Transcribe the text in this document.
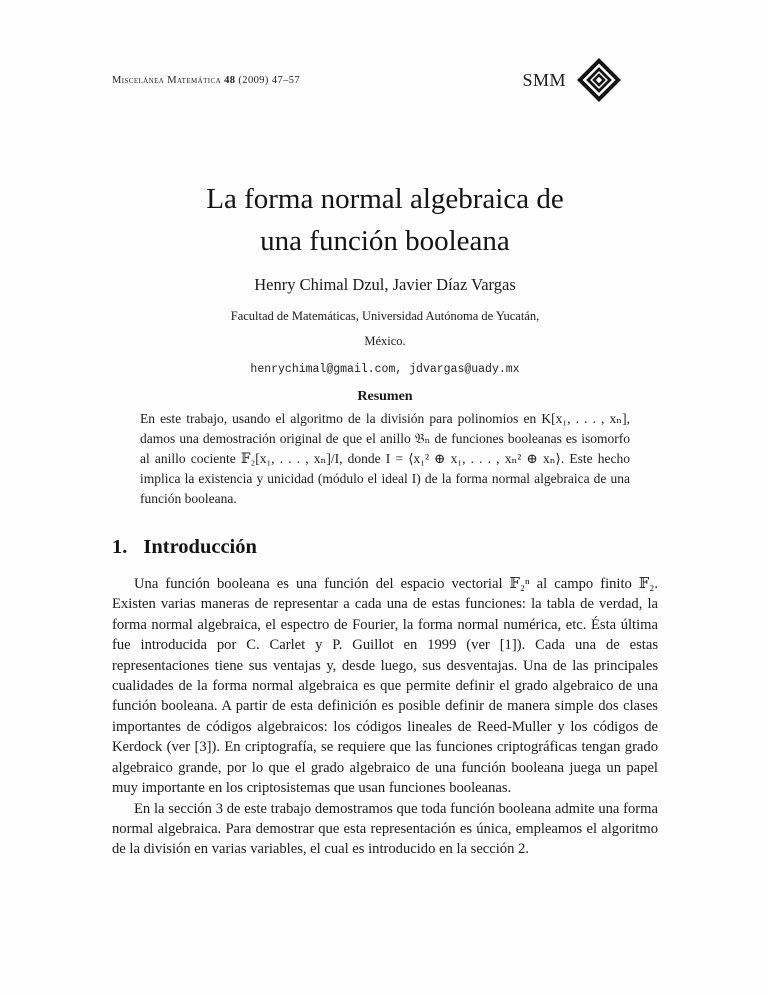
Miscelánea Matemática 48 (2009) 47–57	SMM
La forma normal algebraica de
una función booleana
Henry Chimal Dzul, Javier Díaz Vargas
Facultad de Matemáticas, Universidad Autónoma de Yucatán,
México.
henrychimal@gmail.com, jdvargas@uady.mx
Resumen

En este trabajo, usando el algoritmo de la división para polinomios en K[x₁, . . . , xₙ], damos una demostración original de que el anillo 𝔅ₙ de funciones booleanas es isomorfo al anillo cociente 𝔽₂[x₁, . . . , xₙ]/I, donde I = ⟨x₁² ⊕ x₁, . . . , xₙ² ⊕ xₙ⟩. Este hecho implica la existencia y unicidad (módulo el ideal I) de la forma normal algebraica de una función booleana.

1. Introducción

Una función booleana es una función del espacio vectorial 𝔽₂ⁿ al campo finito 𝔽₂. Existen varias maneras de representar a cada una de estas funciones: la tabla de verdad, la forma normal algebraica, el espectro de Fourier, la forma normal numérica, etc. Ésta última fue introducida por C. Carlet y P. Guillot en 1999 (ver [1]). Cada una de estas representaciones tiene sus ventajas y, desde luego, sus desventajas. Una de las principales cualidades de la forma normal algebraica es que permite definir el grado algebraico de una función booleana. A partir de esta definición es posible definir de manera simple dos clases importantes de códigos algebraicos: los códigos lineales de Reed-Muller y los códigos de Kerdock (ver [3]). En criptografía, se requiere que las funciones criptográficas tengan grado algebraico grande, por lo que el grado algebraico de una función booleana juega un papel muy importante en los criptosistemas que usan funciones booleanas.

En la sección 3 de este trabajo demostramos que toda función booleana admite una forma normal algebraica. Para demostrar que esta representación es única, empleamos el algoritmo de la división en varias variables, el cual es introducido en la sección 2.
